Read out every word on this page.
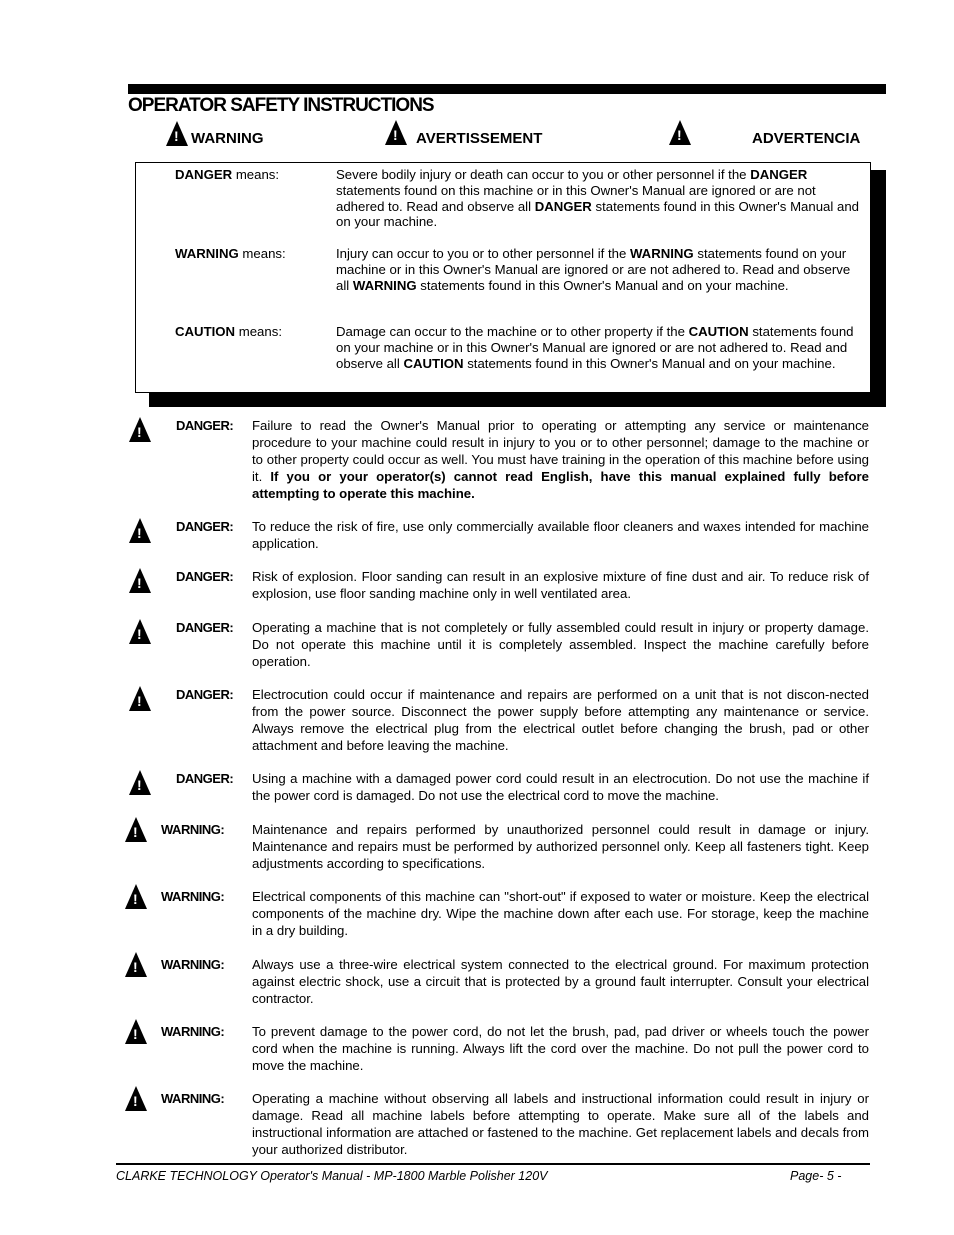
OPERATOR SAFETY INSTRUCTIONS
!
WARNING !	AVERTISSEMENT !	ADVERTENCIA
DANGER means:	Severe bodily injury or death can occur to you or other personnel if the DANGER statements found on this machine or in this Owner's Manual are ignored or are not adhered to. Read and observe all DANGER statements found in this Owner's Manual and on your machine.
WARNING means:	Injury can occur to you or to other personnel if the WARNING statements found on your machine or in this Owner's Manual are ignored or are not adhered to. Read and observe all WARNING statements found in this Owner's Manual and on your machine.
CAUTION means:	Damage can occur to the machine or to other property if the CAUTION statements found on your machine or in this Owner's Manual are ignored or are not adhered to. Read and observe all CAUTION statements found in this Owner's Manual and on your machine.
!
DANGER: Failure to read the Owner's Manual prior to operating or attempting any service or maintenance procedure to your machine could result in injury to you or to other personnel; damage to the machine or to other property could occur as well. You must have training in the operation of this machine before using it. If you or your operator(s) cannot read English, have this manual explained fully before attempting to operate this machine.
!
DANGER: To reduce the risk of fire, use only commercially available floor cleaners and waxes intended for machine application.
!
DANGER: Risk of explosion. Floor sanding can result in an explosive mixture of fine dust and air. To reduce risk of explosion, use floor sanding machine only in well ventilated area.
!
DANGER: Operating a machine that is not completely or fully assembled could result in injury or property damage. Do not operate this machine until it is completely assembled. Inspect the machine carefully before operation.
!
DANGER: Electrocution could occur if maintenance and repairs are performed on a unit that is not discon-nected from the power source. Disconnect the power supply before attempting any maintenance or service. Always remove the electrical plug from the electrical outlet before changing the brush, pad or other attachment and before leaving the machine.
!
DANGER: Using a machine with a damaged power cord could result in an electrocution. Do not use the machine if the power cord is damaged. Do not use the electrical cord to move the machine.
!
WARNING: Maintenance and repairs performed by unauthorized personnel could result in damage or injury. Maintenance and repairs must be performed by authorized personnel only. Keep all fasteners tight. Keep adjustments according to specifications.
!
WARNING: Electrical components of this machine can "short-out" if exposed to water or moisture. Keep the electrical components of the machine dry. Wipe the machine down after each use. For storage, keep the machine in a dry building.
!
WARNING: Always use a three-wire electrical system connected to the electrical ground. For maximum protection against electric shock, use a circuit that is protected by a ground fault interrupter. Consult your electrical contractor.
!
WARNING: To prevent damage to the power cord, do not let the brush, pad, pad driver or wheels touch the power cord when the machine is running. Always lift the cord over the machine. Do not pull the power cord to move the machine.
!
WARNING: Operating a machine without observing all labels and instructional information could result in injury or damage. Read all machine labels before attempting to operate. Make sure all of the labels and instructional information are attached or fastened to the machine. Get replacement labels and decals from your authorized distributor.
CLARKE TECHNOLOGY Operator's Manual - MP-1800 Marble Polisher 120V	Page- 5 -
